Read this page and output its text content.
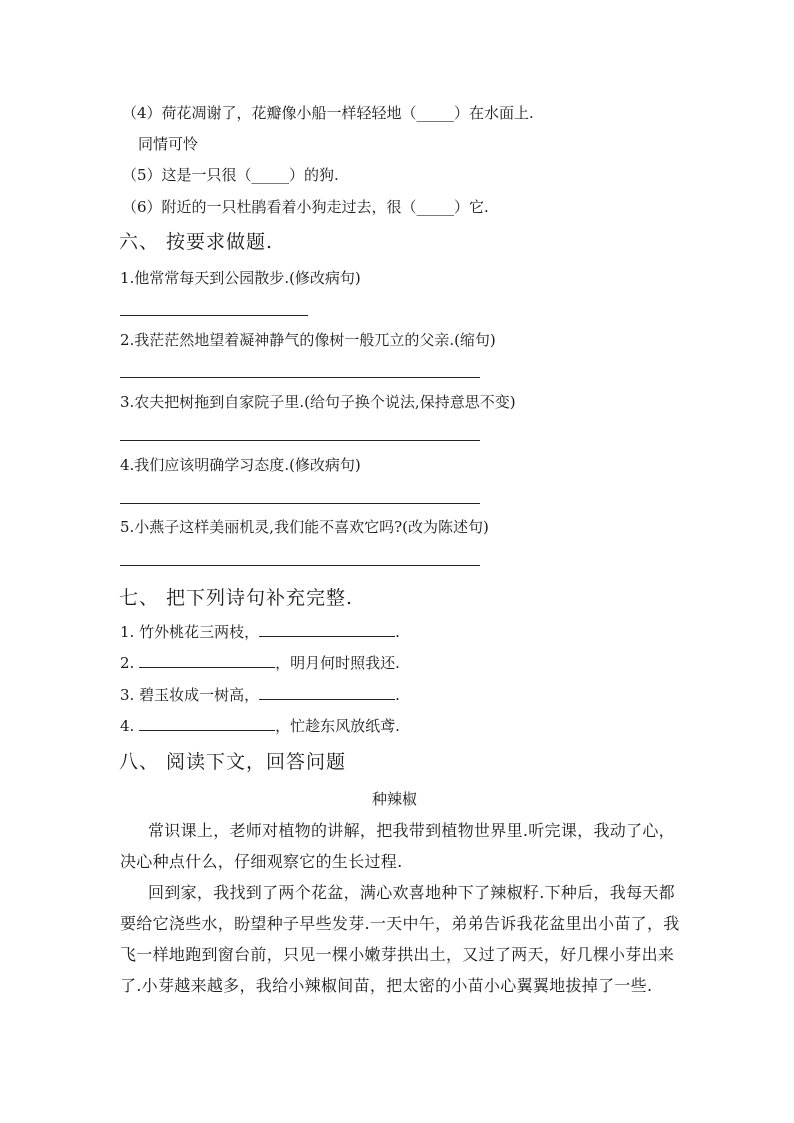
（4）荷花凋谢了，花瓣像小船一样轻轻地（_____）在水面上.
同情可怜
（5）这是一只很（_____）的狗.
（6）附近的一只杜鹃看着小狗走过去，很（_____）它.
六、 按要求做题.
1.他常常每天到公园散步.(修改病句)
2.我茫茫然地望着凝神静气的像树一般兀立的父亲.(缩句)
3.农夫把树拖到自家院子里.(给句子换个说法,保持意思不变)
4.我们应该明确学习态度.(修改病句)
5.小燕子这样美丽机灵,我们能不喜欢它吗?(改为陈述句)
七、 把下列诗句补充完整.
1. 竹外桃花三两枝，	.
2.	，明月何时照我还.
3. 碧玉妆成一树高，	.
4.	，忙趁东风放纸鸢.
八、 阅读下文，回答问题
种辣椒
常识课上，老师对植物的讲解，把我带到植物世界里.听完课，我动了心，
决心种点什么，仔细观察它的生长过程.
回到家，我找到了两个花盆，满心欢喜地种下了辣椒籽.下种后，我每天都
要给它浇些水，盼望种子早些发芽.一天中午，弟弟告诉我花盆里出小苗了，我
飞一样地跑到窗台前，只见一棵小嫩芽拱出土，又过了两天，好几棵小芽出来
了.小芽越来越多，我给小辣椒间苗，把太密的小苗小心翼翼地拔掉了一些.
